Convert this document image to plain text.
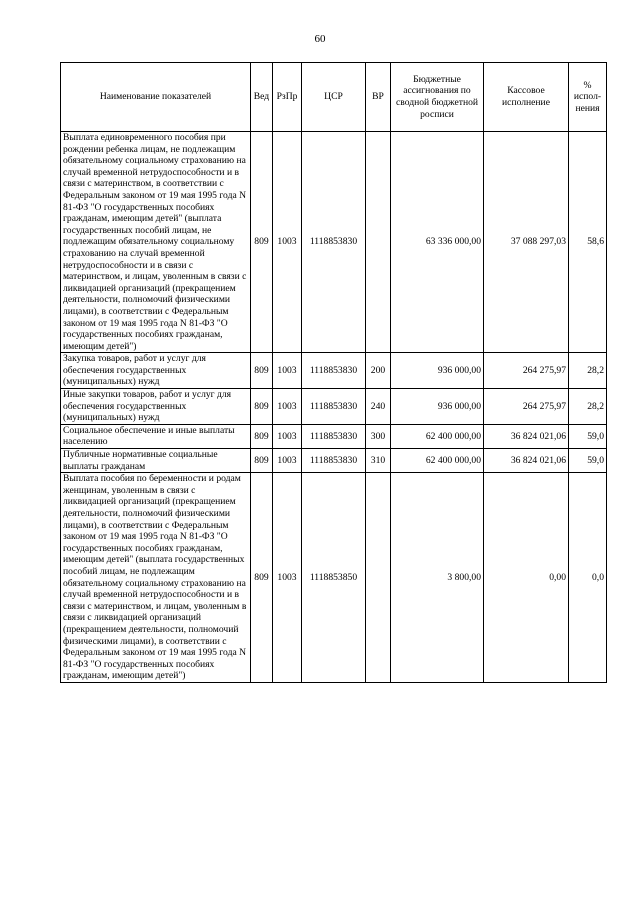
60
Наименование показателей	Вед	РзПр	ЦСР	ВР	Бюджетные ассигнования по сводной бюджетной росписи	Кассовое исполнение	% испол-нения
Выплата единовременного пособия при рождении ребенка лицам, не подлежащим обязательному социальному страхованию на случай временной нетрудоспособности и в связи с материнством, в соответствии с Федеральным законом от 19 мая 1995 года N 81-ФЗ "О государственных пособиях гражданам, имеющим детей" (выплата государственных пособий лицам, не подлежащим обязательному социальному страхованию на случай временной нетрудоспособности и в связи с материнством, и лицам, уволенным в связи с ликвидацией организаций (прекращением деятельности, полномочий физическими лицами), в соответствии с Федеральным законом от 19 мая 1995 года N 81-ФЗ "О государственных пособиях гражданам, имеющим детей")	809	1003	1118853830		63 336 000,00	37 088 297,03	58,6
Закупка товаров, работ и услуг для обеспечения государственных (муниципальных) нужд	809	1003	1118853830	200	936 000,00	264 275,97	28,2
Иные закупки товаров, работ и услуг для обеспечения государственных (муниципальных) нужд	809	1003	1118853830	240	936 000,00	264 275,97	28,2
Социальное обеспечение и иные выплаты населению	809	1003	1118853830	300	62 400 000,00	36 824 021,06	59,0
Публичные нормативные социальные выплаты гражданам	809	1003	1118853830	310	62 400 000,00	36 824 021,06	59,0
Выплата пособия по беременности и родам женщинам, уволенным в связи с ликвидацией организаций (прекращением деятельности, полномочий физическими лицами), в соответствии с Федеральным законом от 19 мая 1995 года N 81-ФЗ "О государственных пособиях гражданам, имеющим детей" (выплата государственных пособий лицам, не подлежащим обязательному социальному страхованию на случай временной нетрудоспособности и в связи с материнством, и лицам, уволенным в связи с ликвидацией организаций (прекращением деятельности, полномочий физическими лицами), в соответствии с Федеральным законом от 19 мая 1995 года N 81-ФЗ "О государственных пособиях гражданам, имеющим детей")	809	1003	1118853850		3 800,00	0,00	0,0
